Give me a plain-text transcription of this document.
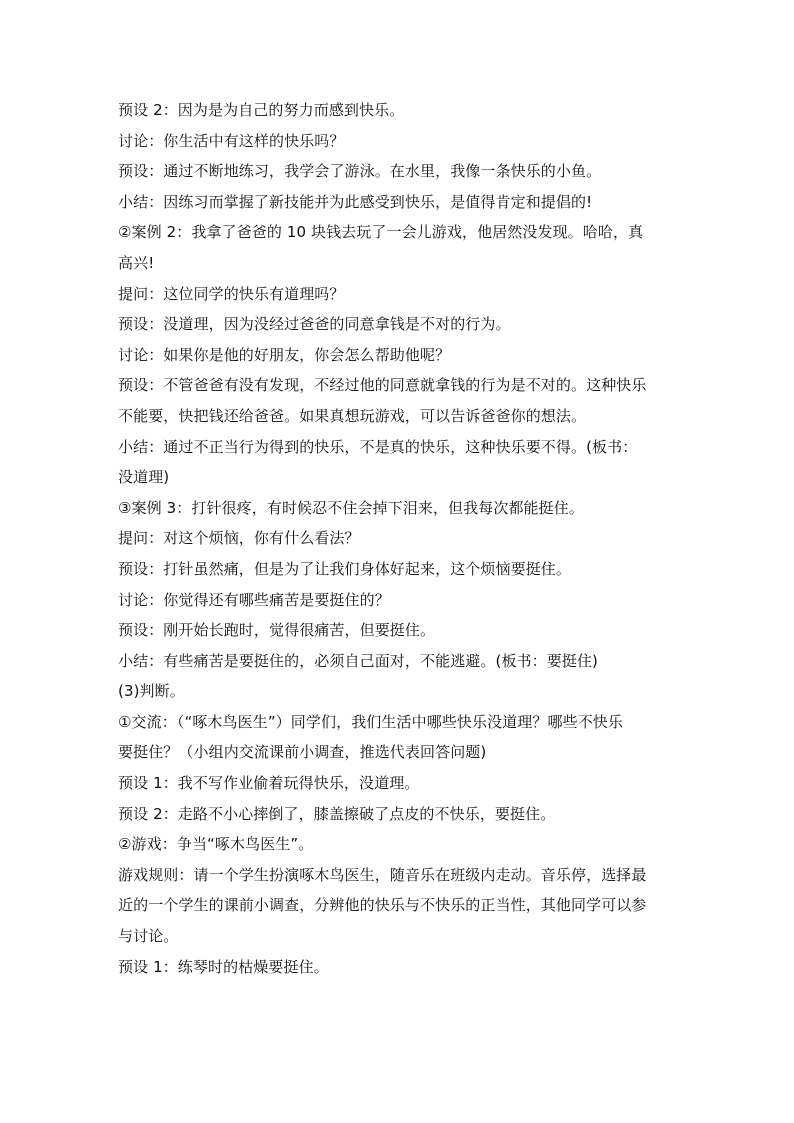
预设 2：因为是为自己的努力而感到快乐。
讨论：你生活中有这样的快乐吗？
预设：通过不断地练习，我学会了游泳。在水里，我像一条快乐的小鱼。
小结：因练习而掌握了新技能并为此感受到快乐，是值得肯定和提倡的!
②案例 2：我拿了爸爸的 10 块钱去玩了一会儿游戏，他居然没发现。哈哈，真
高兴!
提问：这位同学的快乐有道理吗？
预设：没道理，因为没经过爸爸的同意拿钱是不对的行为。
讨论：如果你是他的好朋友，你会怎么帮助他呢？
预设：不管爸爸有没有发现，不经过他的同意就拿钱的行为是不对的。这种快乐
不能要，快把钱还给爸爸。如果真想玩游戏，可以告诉爸爸你的想法。
小结：通过不正当行为得到的快乐，不是真的快乐，这种快乐要不得。(板书：
没道理)
③案例 3：打针很疼，有时候忍不住会掉下泪来，但我每次都能挺住。
提问：对这个烦恼，你有什么看法？
预设：打针虽然痛，但是为了让我们身体好起来，这个烦恼要挺住。
讨论：你觉得还有哪些痛苦是要挺住的？
预设：刚开始长跑时，觉得很痛苦，但要挺住。
小结：有些痛苦是要挺住的，必须自己面对，不能逃避。(板书：要挺住)
(3)判断。
①交流：（“啄木鸟医生”）同学们，我们生活中哪些快乐没道理？哪些不快乐
要挺住？（小组内交流课前小调查，推选代表回答问题)
预设 1：我不写作业偷着玩得快乐，没道理。
预设 2：走路不小心摔倒了，膝盖擦破了点皮的不快乐，要挺住。
②游戏：争当“啄木鸟医生”。
游戏规则：请一个学生扮演啄木鸟医生，随音乐在班级内走动。音乐停，选择最
近的一个学生的课前小调查，分辨他的快乐与不快乐的正当性，其他同学可以参
与讨论。
预设 1：练琴时的枯燥要挺住。
